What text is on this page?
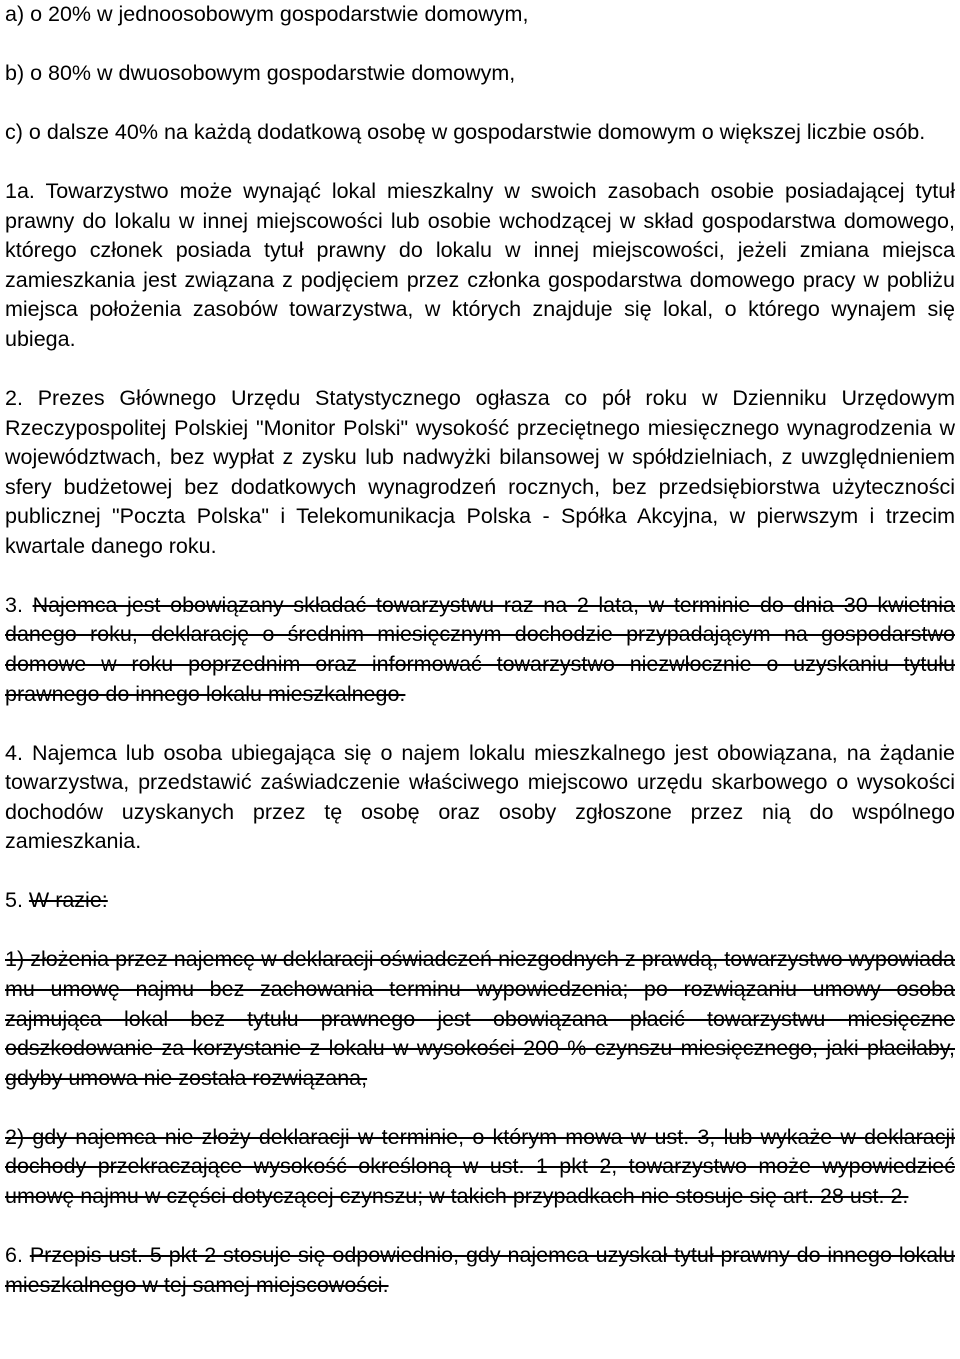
a) o 20% w jednoosobowym gospodarstwie domowym,

b) o 80% w dwuosobowym gospodarstwie domowym,

c) o dalsze 40% na każdą dodatkową osobę w gospodarstwie domowym o większej liczbie osób.

1a. Towarzystwo może wynająć lokal mieszkalny w swoich zasobach osobie posiadającej tytuł prawny do lokalu w innej miejscowości lub osobie wchodzącej w skład gospodarstwa domowego, którego członek posiada tytuł prawny do lokalu w innej miejscowości, jeżeli zmiana miejsca zamieszkania jest związana z podjęciem przez członka gospodarstwa domowego pracy w pobliżu miejsca położenia zasobów towarzystwa, w których znajduje się lokal, o którego wynajem się ubiega.

2. Prezes Głównego Urzędu Statystycznego ogłasza co pół roku w Dzienniku Urzędowym Rzeczypospolitej Polskiej "Monitor Polski" wysokość przeciętnego miesięcznego wynagrodzenia w województwach, bez wypłat z zysku lub nadwyżki bilansowej w spółdzielniach, z uwzględnieniem sfery budżetowej bez dodatkowych wynagrodzeń rocznych, bez przedsiębiorstwa użyteczności publicznej "Poczta Polska" i Telekomunikacja Polska - Spółka Akcyjna, w pierwszym i trzecim kwartale danego roku.

3. Najemca jest obowiązany składać towarzystwu raz na 2 lata, w terminie do dnia 30 kwietnia danego roku, deklarację o średnim miesięcznym dochodzie przypadającym na gospodarstwo domowe w roku poprzednim oraz informować towarzystwo niezwłocznie o uzyskaniu tytułu prawnego do innego lokalu mieszkalnego.

4. Najemca lub osoba ubiegająca się o najem lokalu mieszkalnego jest obowiązana, na żądanie towarzystwa, przedstawić zaświadczenie właściwego miejscowo urzędu skarbowego o wysokości dochodów uzyskanych przez tę osobę oraz osoby zgłoszone przez nią do wspólnego zamieszkania.

5. W razie:

1) złożenia przez najemcę w deklaracji oświadczeń niezgodnych z prawdą, towarzystwo wypowiada mu umowę najmu bez zachowania terminu wypowiedzenia; po rozwiązaniu umowy osoba zajmująca lokal bez tytułu prawnego jest obowiązana płacić towarzystwu miesięczne odszkodowanie za korzystanie z lokalu w wysokości 200 % czynszu miesięcznego, jaki płaciłaby, gdyby umowa nie została rozwiązana,

2) gdy najemca nie złoży deklaracji w terminie, o którym mowa w ust. 3, lub wykaże w deklaracji dochody przekraczające wysokość określoną w ust. 1 pkt 2, towarzystwo może wypowiedzieć umowę najmu w części dotyczącej czynszu; w takich przypadkach nie stosuje się art. 28 ust. 2.

6. Przepis ust. 5 pkt 2 stosuje się odpowiednio, gdy najemca uzyskał tytuł prawny do innego lokalu mieszkalnego w tej samej miejscowości.
